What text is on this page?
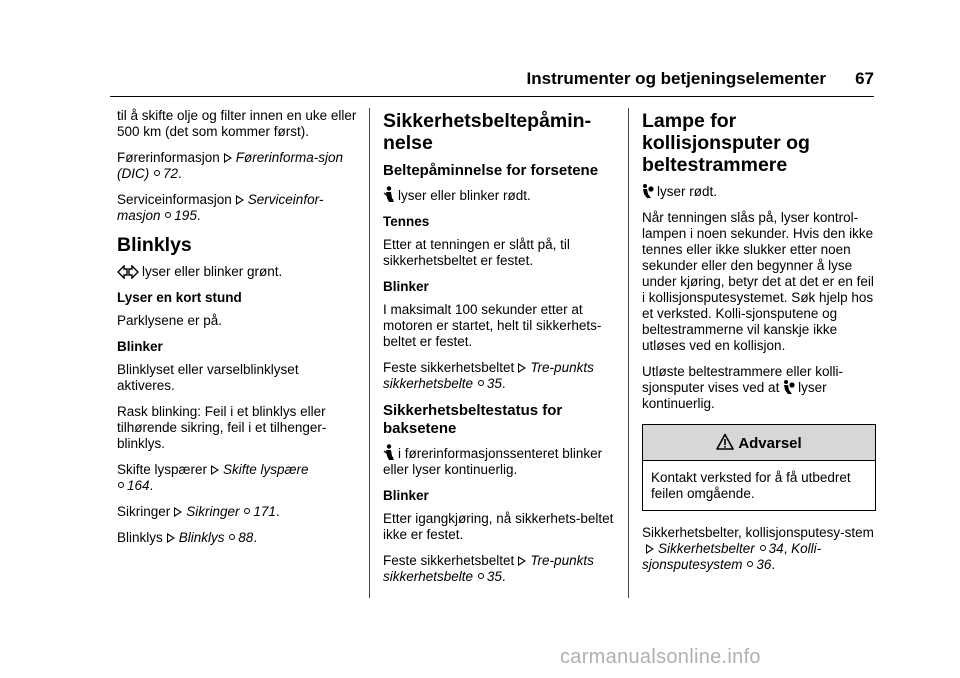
Instrumenter og betjeningselementer 67

til å skifte olje og filter innen en uke eller 500 km (det som kommer først).

Førerinformasjon Førerinforma-sjon (DIC) 72.

Serviceinformasjon Serviceinfor-masjon 195.

Blinklys

lyser eller blinker grønt.

Lyser en kort stund

Parklysene er på.

Blinker

Blinklyset eller varselblinklyset aktiveres.

Rask blinking: Feil i et blinklys eller tilhørende sikring, feil i et tilhenger-blinklys.

Skifte lyspærer Skifte lyspære
164.

Sikringer Sikringer 171.

Blinklys Blinklys 88.

Sikkerhetsbeltepåmin-nelse
Beltepåminnelse for forsetene

lyser eller blinker rødt.

Tennes

Etter at tenningen er slått på, til sikkerhetsbeltet er festet.

Blinker

I maksimalt 100 sekunder etter at motoren er startet, helt til sikkerhets-beltet er festet.

Feste sikkerhetsbeltet Tre-punkts sikkerhetsbelte 35.

Sikkerhetsbeltestatus for baksetene

i førerinformasjonssenteret blinker eller lyser kontinuerlig.

Blinker

Etter igangkjøring, nå sikkerhets-beltet ikke er festet.

Feste sikkerhetsbeltet Tre-punkts sikkerhetsbelte 35.

Lampe for kollisjonsputer og beltestrammere

lyser rødt.

Når tenningen slås på, lyser kontrol-lampen i noen sekunder. Hvis den ikke tennes eller ikke slukker etter noen sekunder eller den begynner å lyse under kjøring, betyr det at det er en feil i kollisjonsputesystemet. Søk hjelp hos et verksted. Kolli-sjonsputene og beltestrammerne vil kanskje ikke utløses ved en kollisjon.

Utløste beltestrammere eller kolli-sjonsputer vises ved at lyser kontinuerlig.

Advarsel
Kontakt verksted for å få utbedret feilen omgående.

Sikkerhetsbelter, kollisjonsputesy-stemSikkerhetsbelter 34, Kolli-sjonsputesystem 36.

carmanualsonline.info
